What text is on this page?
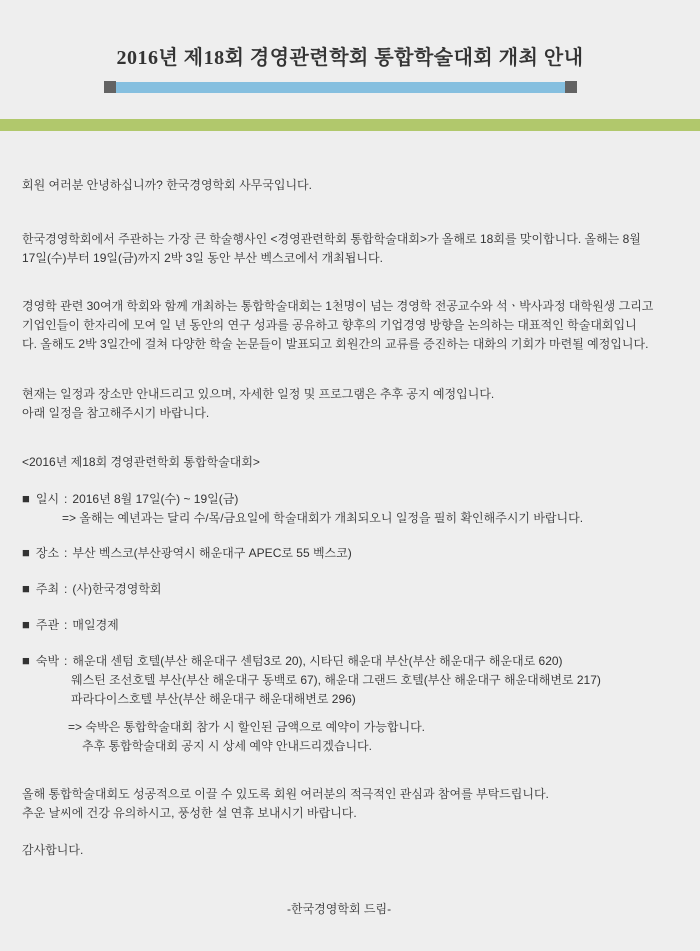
2016년 제18회 경영관련학회 통합학술대회 개최 안내
회원 여러분 안녕하십니까? 한국경영학회 사무국입니다.
한국경영학회에서 주관하는 가장 큰 학술행사인 <경영관련학회 통합학술대회>가 올해로 18회를 맞이합니다. 올해는 8월
17일(수)부터 19일(금)까지 2박 3일 동안 부산 벡스코에서 개최됩니다.
경영학 관련 30여개 학회와 함께 개최하는 통합학술대회는 1천명이 넘는 경영학 전공교수와 석ㆍ박사과정 대학원생 그리고
기업인들이 한자리에 모여 일 년 동안의 연구 성과를 공유하고 향후의 기업경영 방향을 논의하는 대표적인 학술대회입니
다. 올해도 2박 3일간에 걸쳐 다양한 학술 논문들이 발표되고 회원간의 교류를 증진하는 대화의 기회가 마련될 예정입니다.
현재는 일정과 장소만 안내드리고 있으며, 자세한 일정 및 프로그램은 추후 공지 예정입니다.
아래 일정을 참고해주시기 바랍니다.
<2016년 제18회 경영관련학회 통합학술대회>
■ 일시 : 2016년 8월 17일(수) ~ 19일(금)
=> 올해는 예년과는 달리 수/목/금요일에 학술대회가 개최되오니 일정을 필히 확인해주시기 바랍니다.
■ 장소 : 부산 벡스코(부산광역시 해운대구 APEC로 55 벡스코)
■ 주최 : (사)한국경영학회
■ 주관 : 매일경제
■ 숙박 : 해운대 센텀 호텔(부산 해운대구 센텀3로 20), 시타딘 해운대 부산(부산 해운대구 해운대로 620)
웨스틴 조선호텔 부산(부산 해운대구 동백로 67), 해운대 그랜드 호텔(부산 해운대구 해운대해변로 217)
파라다이스호텔 부산(부산 해운대구 해운대해변로 296)
=> 숙박은 통합학술대회 참가 시 할인된 금액으로 예약이 가능합니다.
추후 통합학술대회 공지 시 상세 예약 안내드리겠습니다.
올해 통합학술대회도 성공적으로 이끌 수 있도록 회원 여러분의 적극적인 관심과 참여를 부탁드립니다.
추운 날씨에 건강 유의하시고, 풍성한 설 연휴 보내시기 바랍니다.
감사합니다.
-한국경영학회 드림-
